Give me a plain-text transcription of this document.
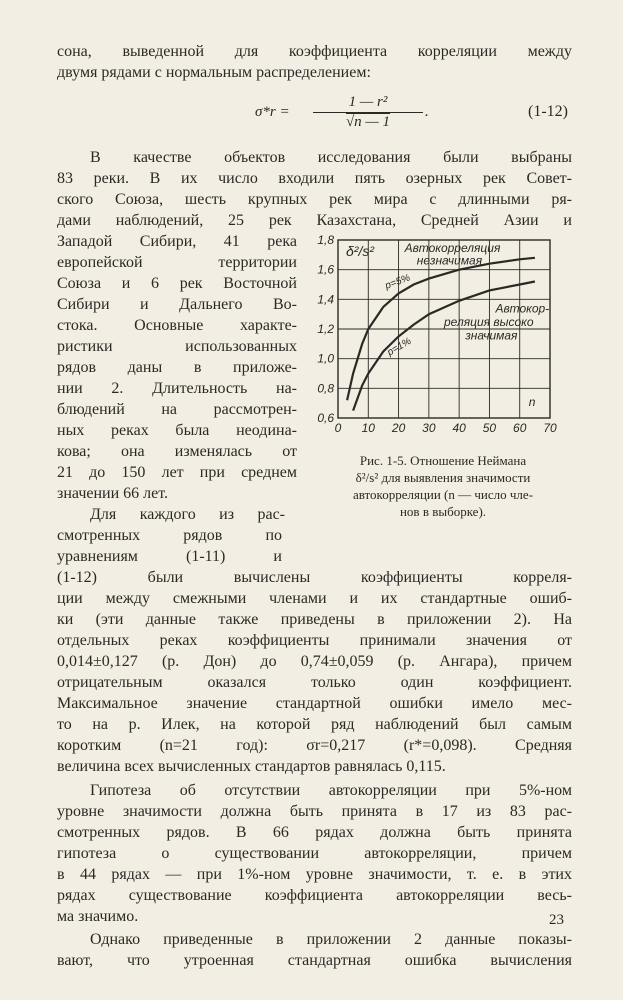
сона, выведенной для коэффициента корреляции между
двумя рядами с нормальным распределением:
$\sigma*r = \frac{\text{1 — r²}}{√n — 1}$ .	(1-12)
В качестве объектов исследования были выбраны
83 реки. В их число входили пять озерных рек Совет-
ского Союза, шесть крупных рек мира с длинными ря-
дами наблюдений, 25 рек Казахстана, Средней Азии и
Западой Сибири, 41 река
европейской территории
Союза и 6 рек Восточной
Сибири и Дальнего Во-
стока. Основные характе-
ристики использованных
рядов даны в приложе-
нии 2. Длительность на-
блюдений на рассмотрен-
ных реках была неодина-
кова; она изменялась от
21 до 150 лет при среднем
значении 66 лет.
Для каждого из рас-
смотренных рядов по
уравнениям (1-11) и
(1-12) были вычислены коэффициенты корреля-
ции между смежными членами и их стандартные ошиб-
ки (эти данные также приведены в приложении 2). На
отдельных реках коэффициенты принимали значения от
0,014±0,127 (р. Дон) до 0,74±0,059 (р. Ангара), причем
отрицательным оказался только один коэффициент.
Максимальное значение стандартной ошибки имело мес-
то на р. Илек, на которой ряд наблюдений был самым
коротким (n=21 год): σr=0,217 (r*=0,098). Средняя
величина всех вычисленных стандартов равнялась 0,115.
Гипотеза об отсутствии автокорреляции при 5%-ном
уровне значимости должна быть принята в 17 из 83 рас-
смотренных рядов. В 66 рядах должна быть принята
гипотеза о существовании автокорреляции, причем
в 44 рядах — при 1%-ном уровне значимости, т. е. в этих
рядах существование коэффициента автокорреляции весь-
ма значимо.
Однако приведенные в приложении 2 данные показы-
вают, что утроенная стандартная ошибка вычисления
0 10 20 30 40 50 60 70
0,6
0,8
1,0
1,2
1,4
1,6
1,8
δ²/s²	Автокорреляция
незначимая
Автокор-
реляция высоко
значимая
p=5%
p=1%
n
Рис. 1-5. Отношение Неймана
δ²/s² для выявления значимости
автокорреляции (n — число чле-
нов в выборке).
23
